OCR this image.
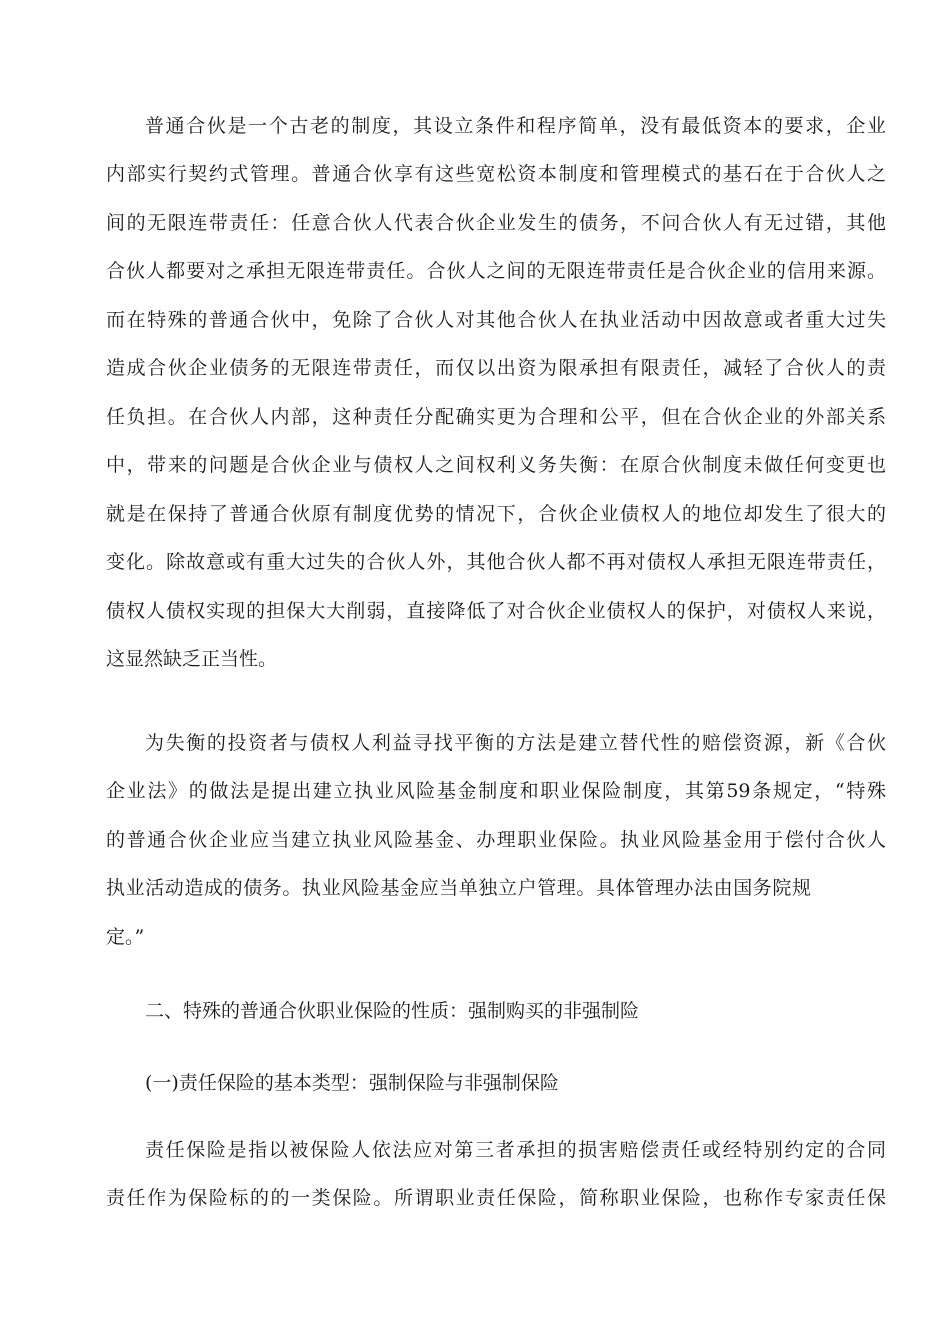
普通合伙是一个古老的制度，其设立条件和程序简单，没有最低资本的要求，企业
内部实行契约式管理。普通合伙享有这些宽松资本制度和管理模式的基石在于合伙人之
间的无限连带责任：任意合伙人代表合伙企业发生的债务，不问合伙人有无过错，其他
合伙人都要对之承担无限连带责任。合伙人之间的无限连带责任是合伙企业的信用来源。
而在特殊的普通合伙中，免除了合伙人对其他合伙人在执业活动中因故意或者重大过失
造成合伙企业债务的无限连带责任，而仅以出资为限承担有限责任，减轻了合伙人的责
任负担。在合伙人内部，这种责任分配确实更为合理和公平，但在合伙企业的外部关系
中，带来的问题是合伙企业与债权人之间权利义务失衡：在原合伙制度未做任何变更也
就是在保持了普通合伙原有制度优势的情况下，合伙企业债权人的地位却发生了很大的
变化。除故意或有重大过失的合伙人外，其他合伙人都不再对债权人承担无限连带责任，
债权人债权实现的担保大大削弱，直接降低了对合伙企业债权人的保护，对债权人来说，
这显然缺乏正当性。
为失衡的投资者与债权人利益寻找平衡的方法是建立替代性的赔偿资源，新《合伙
企业法》的做法是提出建立执业风险基金制度和职业保险制度，其第59条规定，“特殊
的普通合伙企业应当建立执业风险基金、办理职业保险。执业风险基金用于偿付合伙人
执业活动造成的债务。执业风险基金应当单独立户管理。具体管理办法由国务院规
定。”
二、特殊的普通合伙职业保险的性质：强制购买的非强制险
(一)责任保险的基本类型：强制保险与非强制保险
责任保险是指以被保险人依法应对第三者承担的损害赔偿责任或经特别约定的合同
责任作为保险标的的一类保险。所谓职业责任保险，简称职业保险，也称作专家责任保
